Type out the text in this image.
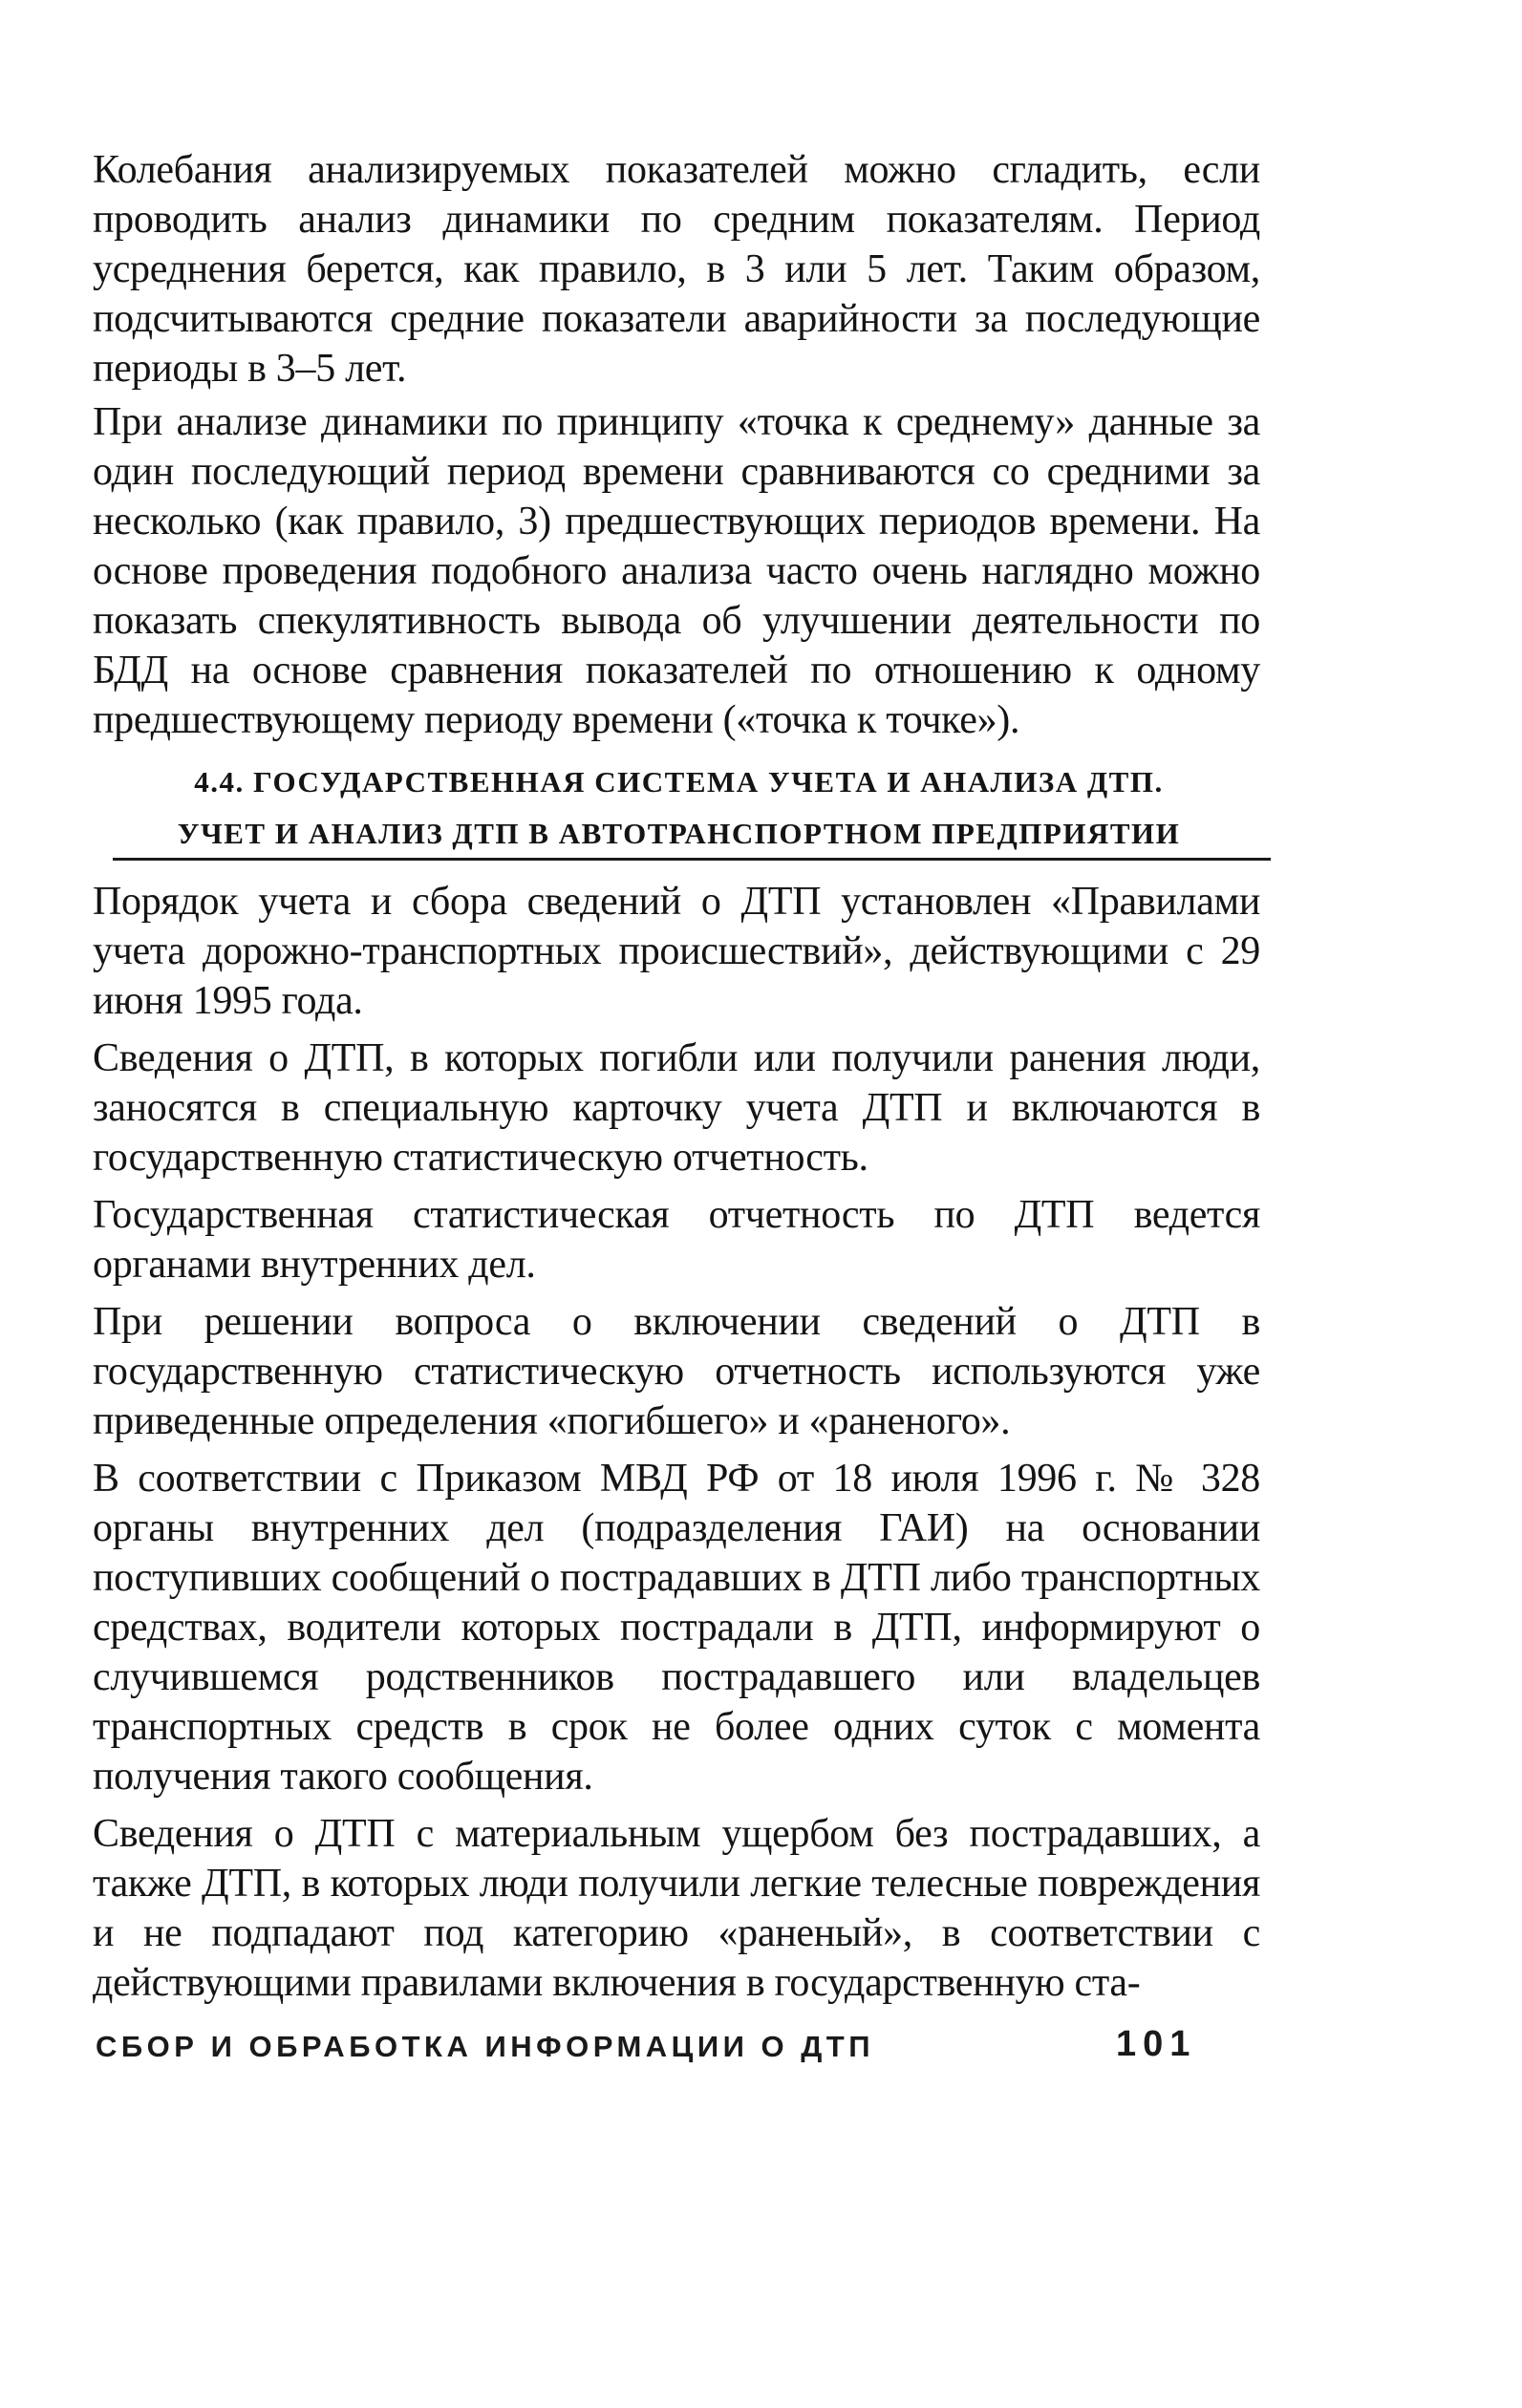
Колебания анализируемых показателей можно сгладить, если проводить анализ динамики по средним показателям. Период усреднения берется, как правило, в 3 или 5 лет. Таким образом, подсчитываются средние показатели аварийности за последующие периоды в 3–5 лет.

При анализе динамики по принципу «точка к среднему» данные за один последующий период времени сравниваются со средними за несколько (как правило, 3) предшествующих периодов времени. На основе проведения подобного анализа часто очень наглядно можно показать спекулятивность вывода об улучшении деятельности по БДД на основе сравнения показателей по отношению к одному предшествующему периоду времени («точка к точке»).

4.4. ГОСУДАРСТВЕННАЯ СИСТЕМА УЧЕТА И АНАЛИЗА ДТП.
УЧЕТ И АНАЛИЗ ДТП В АВТОТРАНСПОРТНОМ ПРЕДПРИЯТИИ

Порядок учета и сбора сведений о ДТП установлен «Правилами учета дорожно-транспортных происшествий», действующими с 29 июня 1995 года.

Сведения о ДТП, в которых погибли или получили ранения люди, заносятся в специальную карточку учета ДТП и включаются в государственную статистическую отчетность.

Государственная статистическая отчетность по ДТП ведется органами внутренних дел.

При решении вопроса о включении сведений о ДТП в государственную статистическую отчетность используются уже приведенные определения «погибшего» и «раненого».

В соответствии с Приказом МВД РФ от 18 июля 1996 г. № 328 органы внутренних дел (подразделения ГАИ) на основании поступивших сообщений о пострадавших в ДТП либо транспортных средствах, водители которых пострадали в ДТП, информируют о случившемся родственников пострадавшего или владельцев транспортных средств в срок не более одних суток с момента получения такого сообщения.

Сведения о ДТП с материальным ущербом без пострадавших, а также ДТП, в которых люди получили легкие телесные повреждения и не подпадают под категорию «раненый», в соответствии с действующими правилами включения в государственную ста-

СБОР И ОБРАБОТКА ИНФОРМАЦИИ О ДТП	101
